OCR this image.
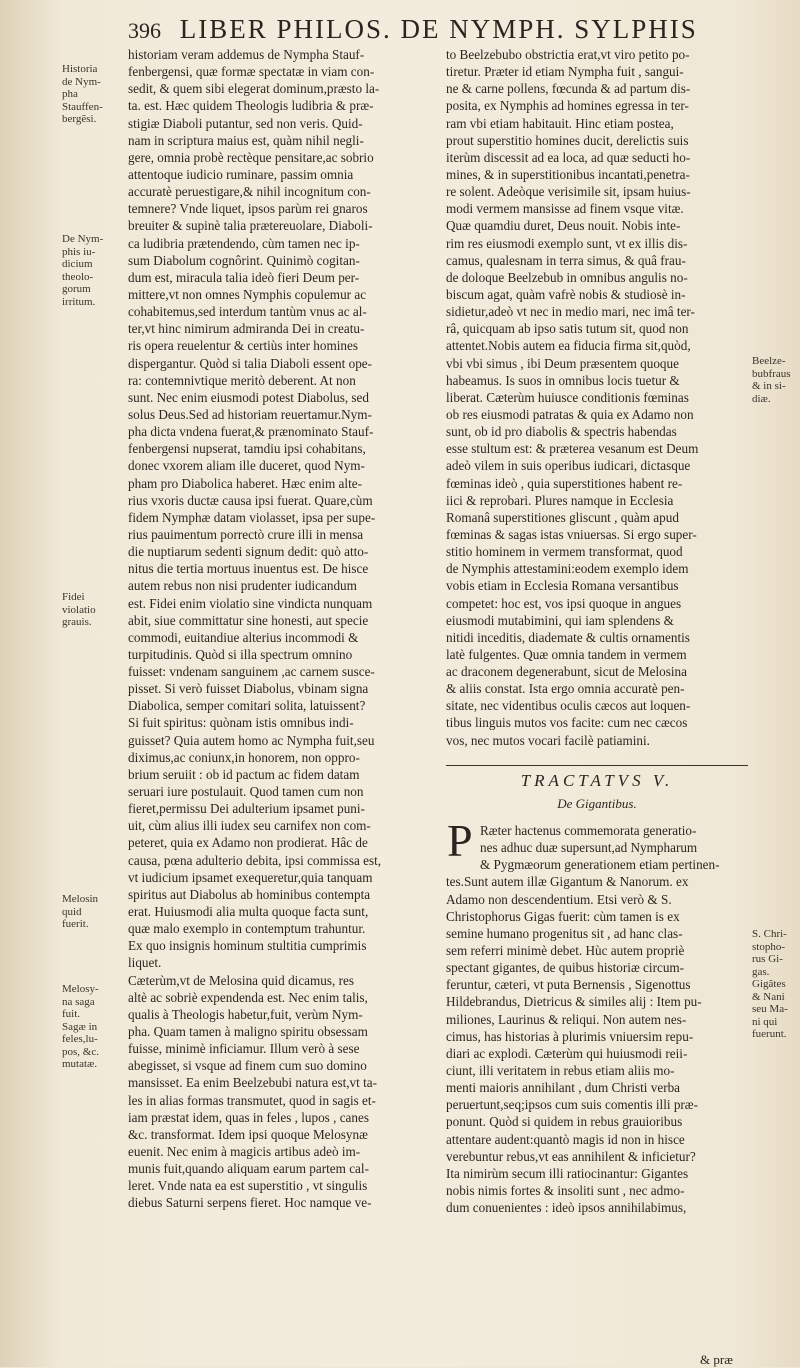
396 LIBER PHILOS. DE NYMPH. SYLPHIS
historiam veram addemus de Nympha Stauf-
fenbergensi, quæ formæ spectatæ in viam con-
sedit, & quem sibi elegerat dominum,præsto la-
ta. est. Hæc quidem Theologis ludibria & præ-
stigiæ Diaboli putantur, sed non veris. Quid-
nam in scriptura maius est, quàm nihil negli-
gere, omnia probè rectèque pensitare,ac sobrio
attentoque iudicio ruminare, passim omnia
accuratè peruestigare,& nihil incognitum con-
temnere? Vnde liquet, ipsos parùm rei gnaros
breuiter & supinè talia prætereuolare, Diaboli-
ca ludibria prætendendo, cùm tamen nec ip-
sum Diabolum cognôrint. Quinimò cogitan-
dum est, miracula talia ideò fieri Deum per-
mittere,vt non omnes Nymphis copulemur ac
cohabitemus,sed interdum tantùm vnus ac al-
ter,vt hinc nimirum admiranda Dei in creatu-
ris opera reuelentur & certiùs inter homines
dispergantur. Quòd si talia Diaboli essent ope-
ra: contemnivtique meritò deberent. At non
sunt. Nec enim eiusmodi potest Diabolus, sed
solus Deus.Sed ad historiam reuertamur.Nym-
pha dicta vndena fuerat,& prænominato Stauf-
fenbergensi nupserat, tamdiu ipsi cohabitans,
donec vxorem aliam ille duceret, quod Nym-
pham pro Diabolica haberet. Hæc enim alte-
rius vxoris ductæ causa ipsi fuerat. Quare,cùm
fidem Nymphæ datam violasset, ipsa per supe-
rius pauimentum porrectò crure illi in mensa
die nuptiarum sedenti signum dedit: quò atto-
nitus die tertia mortuus inuentus est. De hisce
autem rebus non nisi prudenter iudicandum
est. Fidei enim violatio sine vindicta nunquam
abit, siue committatur sine honesti, aut specie
commodi, euitandiue alterius incommodi &
turpitudinis. Quòd si illa spectrum omnino
fuisset: vndenam sanguinem ,ac carnem susce-
pisset. Si verò fuisset Diabolus, vbinam signa
Diabolica, semper comitari solita, latuissent?
Si fuit spiritus: quònam istis omnibus indi-
guisset? Quia autem homo ac Nympha fuit,seu
diximus,ac coniunx,in honorem, non oppro-
brium seruiit : ob id pactum ac fidem datam
seruari iure postulauit. Quod tamen cum non
fieret,permissu Dei adulterium ipsamet puni-
uit, cùm alius illi iudex seu carnifex non com-
peteret, quia ex Adamo non prodierat. Hâc de
causa, pœna adulterio debita, ipsi commissa est,
vt iudicium ipsamet exequeretur,quia tanquam
spiritus aut Diabolus ab hominibus contempta
erat. Huiusmodi alia multa quoque facta sunt,
quæ malo exemplo in contemptum trahuntur.
Ex quo insignis hominum stultitia cumprimis
liquet.
Cæterùm,vt de Melosina quid dicamus, res
altè ac sobriè expendenda est. Nec enim talis,
qualis à Theologis habetur,fuit, verùm Nym-
pha. Quam tamen à maligno spiritu obsessam
fuisse, minimè inficiamur. Illum verò à sese
abegisset, si vsque ad finem cum suo domino
mansisset. Ea enim Beelzebubi natura est,vt ta-
les in alias formas transmutet, quod in sagis et-
iam præstat idem, quas in feles , lupos , canes
&c. transformat. Idem ipsi quoque Melosynæ
euenit. Nec enim à magicis artibus adeò im-
munis fuit,quando aliquam earum partem cal-
leret. Vnde nata ea est superstitio , vt singulis
diebus Saturni serpens fieret. Hoc namque ve-
to Beelzebubo obstrictia erat,vt viro petito po-
tiretur. Præter id etiam Nympha fuit , sangui-
ne & carne pollens, fœcunda & ad partum dis-
posita, ex Nymphis ad homines egressa in ter-
ram vbi etiam habitauit. Hinc etiam postea,
prout superstitio homines ducit, derelictis suis
iterùm discessit ad ea loca, ad quæ seducti ho-
mines, & in superstitionibus incantati,penetra-
re solent. Adeòque verisimile sit, ipsam huius-
modi vermem mansisse ad finem vsque vitæ.
Quæ quamdiu duret, Deus nouit. Nobis inte-
rim res eiusmodi exemplo sunt, vt ex illis dis-
camus, qualesnam in terra simus, & quâ frau-
de doloque Beelzebub in omnibus angulis no-
biscum agat, quàm vafrè nobis & studiosè in-
sidietur,adeò vt nec in medio mari, nec imâ ter-
râ, quicquam ab ipso satis tutum sit, quod non
attentet.Nobis autem ea fiducia firma sit,quòd,
vbi vbi simus , ibi Deum præsentem quoque
habeamus. Is suos in omnibus locis tuetur &
liberat. Cæterùm huiusce conditionis fœminas
ob res eiusmodi patratas & quia ex Adamo non
sunt, ob id pro diabolis & spectris habendas
esse stultum est: & præterea vesanum est Deum
adeò vilem in suis operibus iudicari, dictasque
fœminas ideò , quia superstitiones habent re-
iici & reprobari. Plures namque in Ecclesia
Romanâ superstitiones gliscunt , quàm apud
fœminas & sagas istas vniuersas. Si ergo super-
stitio hominem in vermem transformat, quod
de Nymphis attestamini:eodem exemplo idem
vobis etiam in Ecclesia Romana versantibus
competet: hoc est, vos ipsi quoque in angues
eiusmodi mutabimini, qui iam splendens &
nitidi inceditis, diademate & cultis ornamentis
latè fulgentes. Quæ omnia tandem in vermem
ac draconem degenerabunt, sicut de Melosina
& aliis constat. Ista ergo omnia accuratè pen-
sitate, nec videntibus oculis cæcos aut loquen-
tibus linguis mutos vos facite: cum nec cæcos
vos, nec mutos vocari facilè patiamini.
TRACTATVS V.
De Gigantibus.
P Ræter hactenus commemorata generatio-
nes adhuc duæ supersunt,ad Nympharum
& Pygmæorum generationem etiam pertinen-
tes.Sunt autem illæ Gigantum & Nanorum. ex
Adamo non descendentium. Etsi verò & S.
Christophorus Gigas fuerit: cùm tamen is ex
semine humano progenitus sit , ad hanc clas-
sem referri minimè debet. Hùc autem propriè
spectant gigantes, de quibus historiæ circum-
feruntur, cæteri, vt puta Bernensis , Sigenottus
Hildebrandus, Dietricus & similes alij : Item pu-
miliones, Laurinus & reliqui. Non autem nes-
cimus, has historias à plurimis vniuersim repu-
diari ac explodi. Cæterùm qui huiusmodi reii-
ciunt, illi veritatem in rebus etiam aliis mo-
menti maioris annihilant , dum Christi verba
peruertunt,seq;ipsos cum suis comentis illi præ-
ponunt. Quòd si quidem in rebus grauioribus
attentare audent:quantò magis id non in hisce
verebuntur rebus,vt eas annihilent & inficietur?
Ita nimirùm secum illi ratiocinantur: Gigantes
nobis nimis fortes & insoliti sunt , nec admo-
dum conuenientes : ideò ipsos annihilabimus,
Historia
de Nym-
pha
Stauffen-
bergẽsi.
De Nym-
phis iu-
dicium
theolo-
gorum
irritum.
Fidei
violatio
grauis.
Melosin
quid
fuerit.
Melosy-
na saga
fuit.
Sagæ in
feles,lu-
pos, &c.
mutatæ.
Beelze-
bubfraus
& in si-
diæ.
S. Chri-
stopho-
rus Gi-
gas.
Gigãtes
& Nani
seu Ma-
ni qui
fuerunt.
& præ
